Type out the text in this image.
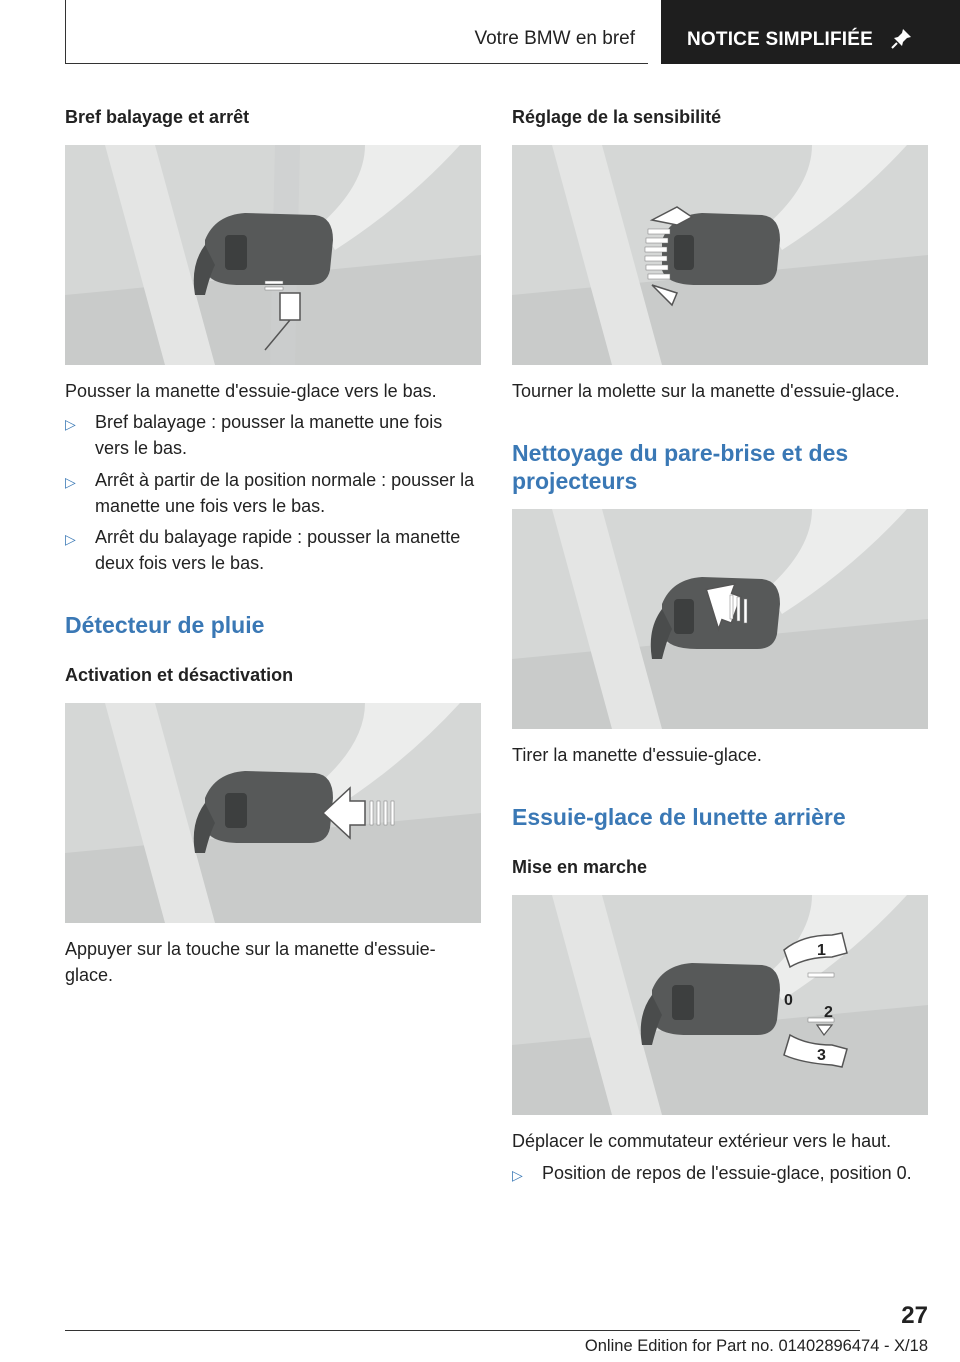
Votre BMW en bref	NOTICE SIMPLIFIÉE
Bref balayage et arrêt
Pousser la manette d'essuie-glace vers le bas.
▷ Bref balayage : pousser la manette une fois vers le bas.
▷ Arrêt à partir de la position normale : pousser la manette une fois vers le bas.
▷ Arrêt du balayage rapide : pousser la manette deux fois vers le bas.
Détecteur de pluie
Activation et désactivation
Appuyer sur la touche sur la manette d'essuie-glace.
Réglage de la sensibilité
Tourner la molette sur la manette d'essuie-glace.
Nettoyage du pare-brise et des projecteurs
Tirer la manette d'essuie-glace.
Essuie-glace de lunette arrière
Mise en marche
1
0
2
3
Déplacer le commutateur extérieur vers le haut.
▷ Position de repos de l'essuie-glace, position 0.
27
Online Edition for Part no. 01402896474 - X/18
